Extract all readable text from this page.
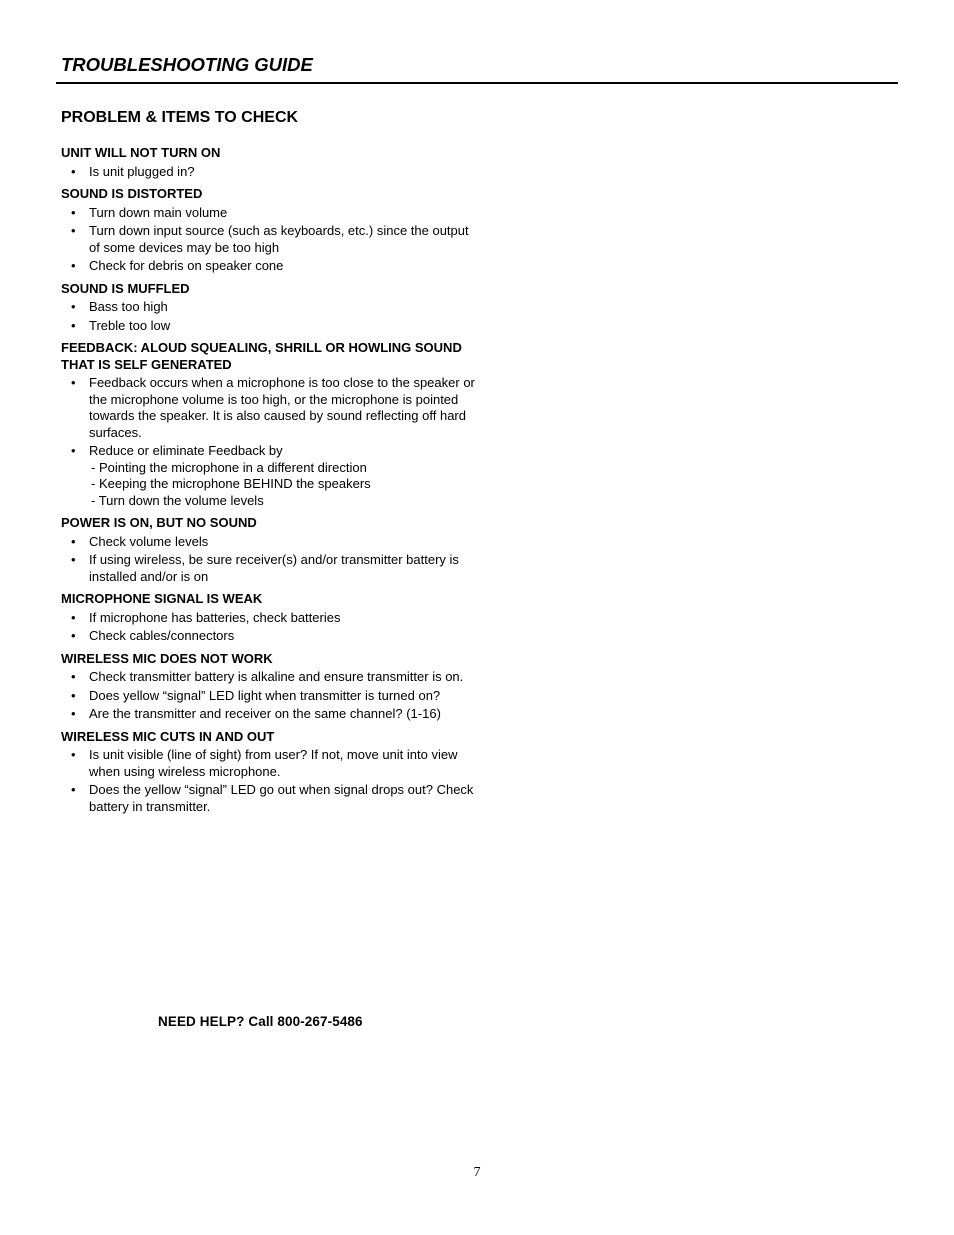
TROUBLESHOOTING GUIDE
PROBLEM & ITEMS TO CHECK
UNIT WILL NOT TURN ON
• Is unit plugged in?
SOUND IS DISTORTED
• Turn down main volume
• Turn down input source (such as keyboards, etc.) since the output of some devices may be too high
• Check for debris on speaker cone
SOUND IS MUFFLED
• Bass too high
• Treble too low
FEEDBACK: ALOUD SQUEALING, SHRILL OR HOWLING SOUND THAT IS SELF GENERATED
• Feedback occurs when a microphone is too close to the speaker or the microphone volume is too high, or the microphone is pointed towards the speaker. It is also caused by sound reflecting off hard surfaces.
• Reduce or eliminate Feedback by
- Pointing the microphone in a different direction
- Keeping the microphone BEHIND the speakers
- Turn down the volume levels
POWER IS ON, BUT NO SOUND
• Check volume levels
• If using wireless, be sure receiver(s) and/or transmitter battery is installed and/or is on
MICROPHONE SIGNAL IS WEAK
• If microphone has batteries, check batteries
• Check cables/connectors
WIRELESS MIC DOES NOT WORK
• Check transmitter battery is alkaline and ensure transmitter is on.
• Does yellow “signal” LED light when transmitter is turned on?
• Are the transmitter and receiver on the same channel? (1-16)
WIRELESS MIC CUTS IN AND OUT
• Is unit visible (line of sight) from user? If not, move unit into view when using wireless microphone.
• Does the yellow “signal” LED go out when signal drops out? Check battery in transmitter.
NEED HELP? Call 800-267-5486
7
